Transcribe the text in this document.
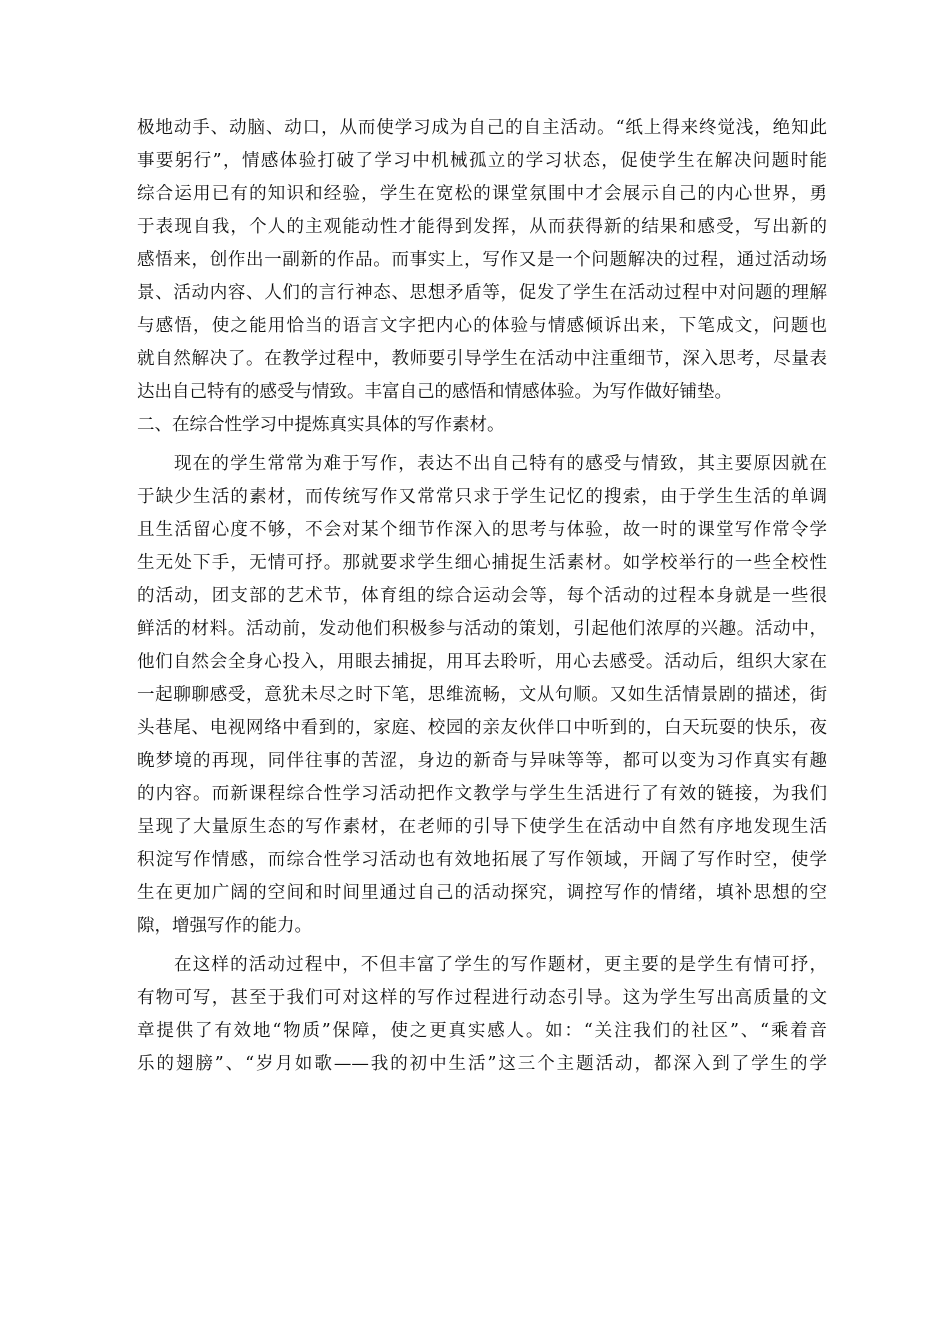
极地动手、动脑、动口，从而使学习成为自己的自主活动。“纸上得来终觉浅，绝知此
事要躬行”，情感体验打破了学习中机械孤立的学习状态，促使学生在解决问题时能
综合运用已有的知识和经验，学生在宽松的课堂氛围中才会展示自己的内心世界，勇
于表现自我，个人的主观能动性才能得到发挥，从而获得新的结果和感受，写出新的
感悟来，创作出一副新的作品。而事实上，写作又是一个问题解决的过程，通过活动场
景、活动内容、人们的言行神态、思想矛盾等，促发了学生在活动过程中对问题的理解
与感悟，使之能用恰当的语言文字把内心的体验与情感倾诉出来，下笔成文，问题也
就自然解决了。在教学过程中，教师要引导学生在活动中注重细节，深入思考，尽量表
达出自己特有的感受与情致。丰富自己的感悟和情感体验。为写作做好铺垫。
二、在综合性学习中提炼真实具体的写作素材。
现在的学生常常为难于写作，表达不出自己特有的感受与情致，其主要原因就在
于缺少生活的素材，而传统写作又常常只求于学生记忆的搜索，由于学生生活的单调
且生活留心度不够，不会对某个细节作深入的思考与体验，故一时的课堂写作常令学
生无处下手，无情可抒。那就要求学生细心捕捉生活素材。如学校举行的一些全校性
的活动，团支部的艺术节，体育组的综合运动会等，每个活动的过程本身就是一些很
鲜活的材料。活动前，发动他们积极参与活动的策划，引起他们浓厚的兴趣。活动中，
他们自然会全身心投入，用眼去捕捉，用耳去聆听，用心去感受。活动后，组织大家在
一起聊聊感受，意犹未尽之时下笔，思维流畅，文从句顺。又如生活情景剧的描述，街
头巷尾、电视网络中看到的，家庭、校园的亲友伙伴口中听到的，白天玩耍的快乐，夜
晚梦境的再现，同伴往事的苦涩，身边的新奇与异味等等，都可以变为习作真实有趣
的内容。而新课程综合性学习活动把作文教学与学生生活进行了有效的链接，为我们
呈现了大量原生态的写作素材，在老师的引导下使学生在活动中自然有序地发现生活
积淀写作情感，而综合性学习活动也有效地拓展了写作领域，开阔了写作时空，使学
生在更加广阔的空间和时间里通过自己的活动探究，调控写作的情绪，填补思想的空
隙，增强写作的能力。
在这样的活动过程中，不但丰富了学生的写作题材，更主要的是学生有情可抒，
有物可写，甚至于我们可对这样的写作过程进行动态引导。这为学生写出高质量的文
章提供了有效地“物质”保障，使之更真实感人。如：“关注我们的社区”、“乘着音
乐的翅膀”、“岁月如歌——我的初中生活”这三个主题活动，都深入到了学生的学
